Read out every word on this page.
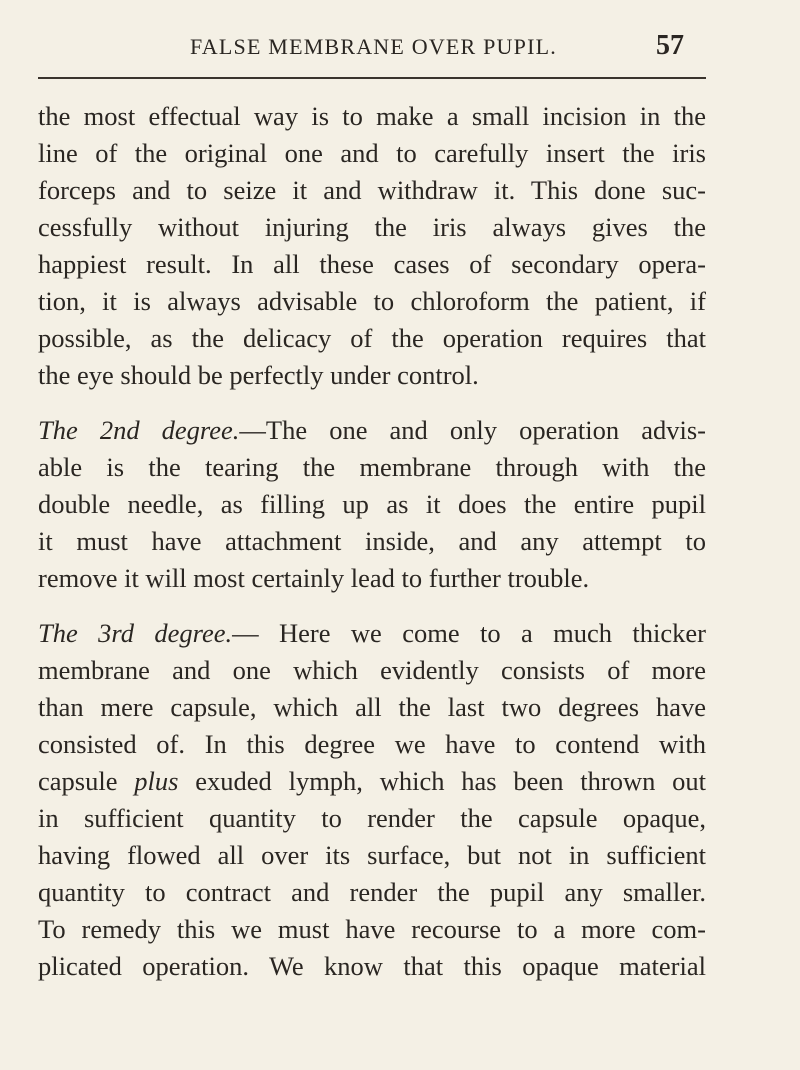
FALSE MEMBRANE OVER PUPIL.	57

the most effectual way is to make a small incision in the
line of the original one and to carefully insert the iris
forceps and to seize it and withdraw it. This done suc-
cessfully without injuring the iris always gives the
happiest result. In all these cases of secondary opera-
tion, it is always advisable to chloroform the patient, if
possible, as the delicacy of the operation requires that
the eye should be perfectly under control.

The 2nd degree.—The one and only operation advis-
able is the tearing the membrane through with the
double needle, as filling up as it does the entire pupil
it must have attachment inside, and any attempt to
remove it will most certainly lead to further trouble.

The 3rd degree.— Here we come to a much thicker
membrane and one which evidently consists of more
than mere capsule, which all the last two degrees have
consisted of. In this degree we have to contend with
capsule plus exuded lymph, which has been thrown out
in sufficient quantity to render the capsule opaque,
having flowed all over its surface, but not in sufficient
quantity to contract and render the pupil any smaller.
To remedy this we must have recourse to a more com-
plicated operation. We know that this opaque material
